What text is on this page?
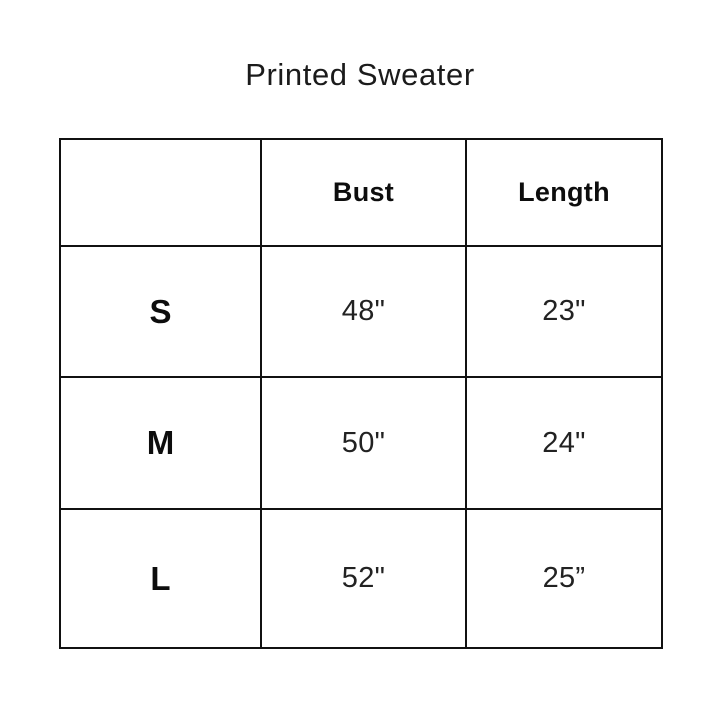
Printed Sweater
	Bust	Length
S	48"	23"
M	50"	24"
L	52"	25”
